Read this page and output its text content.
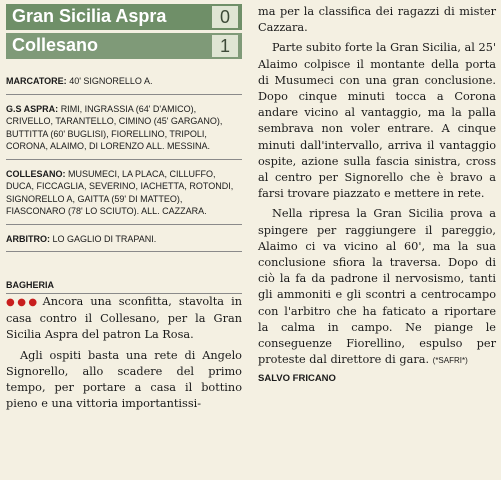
Gran Sicilia Aspra	0
Collesano	1
MARCATORE: 40' SIGNORELLO A.
G.S ASPRA: RIMI, INGRASSIA (64' D'AMICO), CRIVELLO, TARANTELLO, CIMINO (45' GARGANO), BUTTITTA (60' BUGLISI), FIORELLINO, TRIPOLI, CORONA, ALAIMO, DI LORENZO ALL. MESSINA.
COLLESANO: MUSUMECI, LA PLACA, CILLUFFO, DUCA, FICCAGLIA, SEVERINO, IACHETTA, ROTONDI, SIGNORELLO A, GAITTA (59' DI MATTEO), FIASCONARO (78' LO SCIUTO). ALL. CAZZARA.
ARBITRO: LO GAGLIO DI TRAPANI.
BAGHERIA

●●● Ancora una sconfitta, stavolta in casa contro il Collesano, per la Gran Sicilia Aspra del patron La Rosa.

Agli ospiti basta una rete di Angelo Signorello, allo scadere del primo tempo, per portare a casa il bottino pieno e una vittoria importantissi-

ma per la classifica dei ragazzi di mister Cazzara.

Parte subito forte la Gran Sicilia, al 25' Alaimo colpisce il montante della porta di Musumeci con una gran conclusione. Dopo cinque minuti tocca a Corona andare vicino al vantaggio, ma la palla sembrava non voler entrare. A cinque minuti dall'intervallo, arriva il vantaggio ospite, azione sulla fascia sinistra, cross al centro per Signorello che è bravo a farsi trovare piazzato e mettere in rete.

Nella ripresa la Gran Sicilia prova a spingere per raggiungere il pareggio, Alaimo ci va vicino al 60', ma la sua conclusione sfiora la traversa. Dopo di ciò la fa da padrone il nervosismo, tanti gli ammoniti e gli scontri a centrocampo con l'arbitro che ha faticato a riportare la calma in campo. Ne piange le conseguenze Fiorellino, espulso per proteste dal direttore di gara. (*SAFRI*)

SALVO FRICANO
